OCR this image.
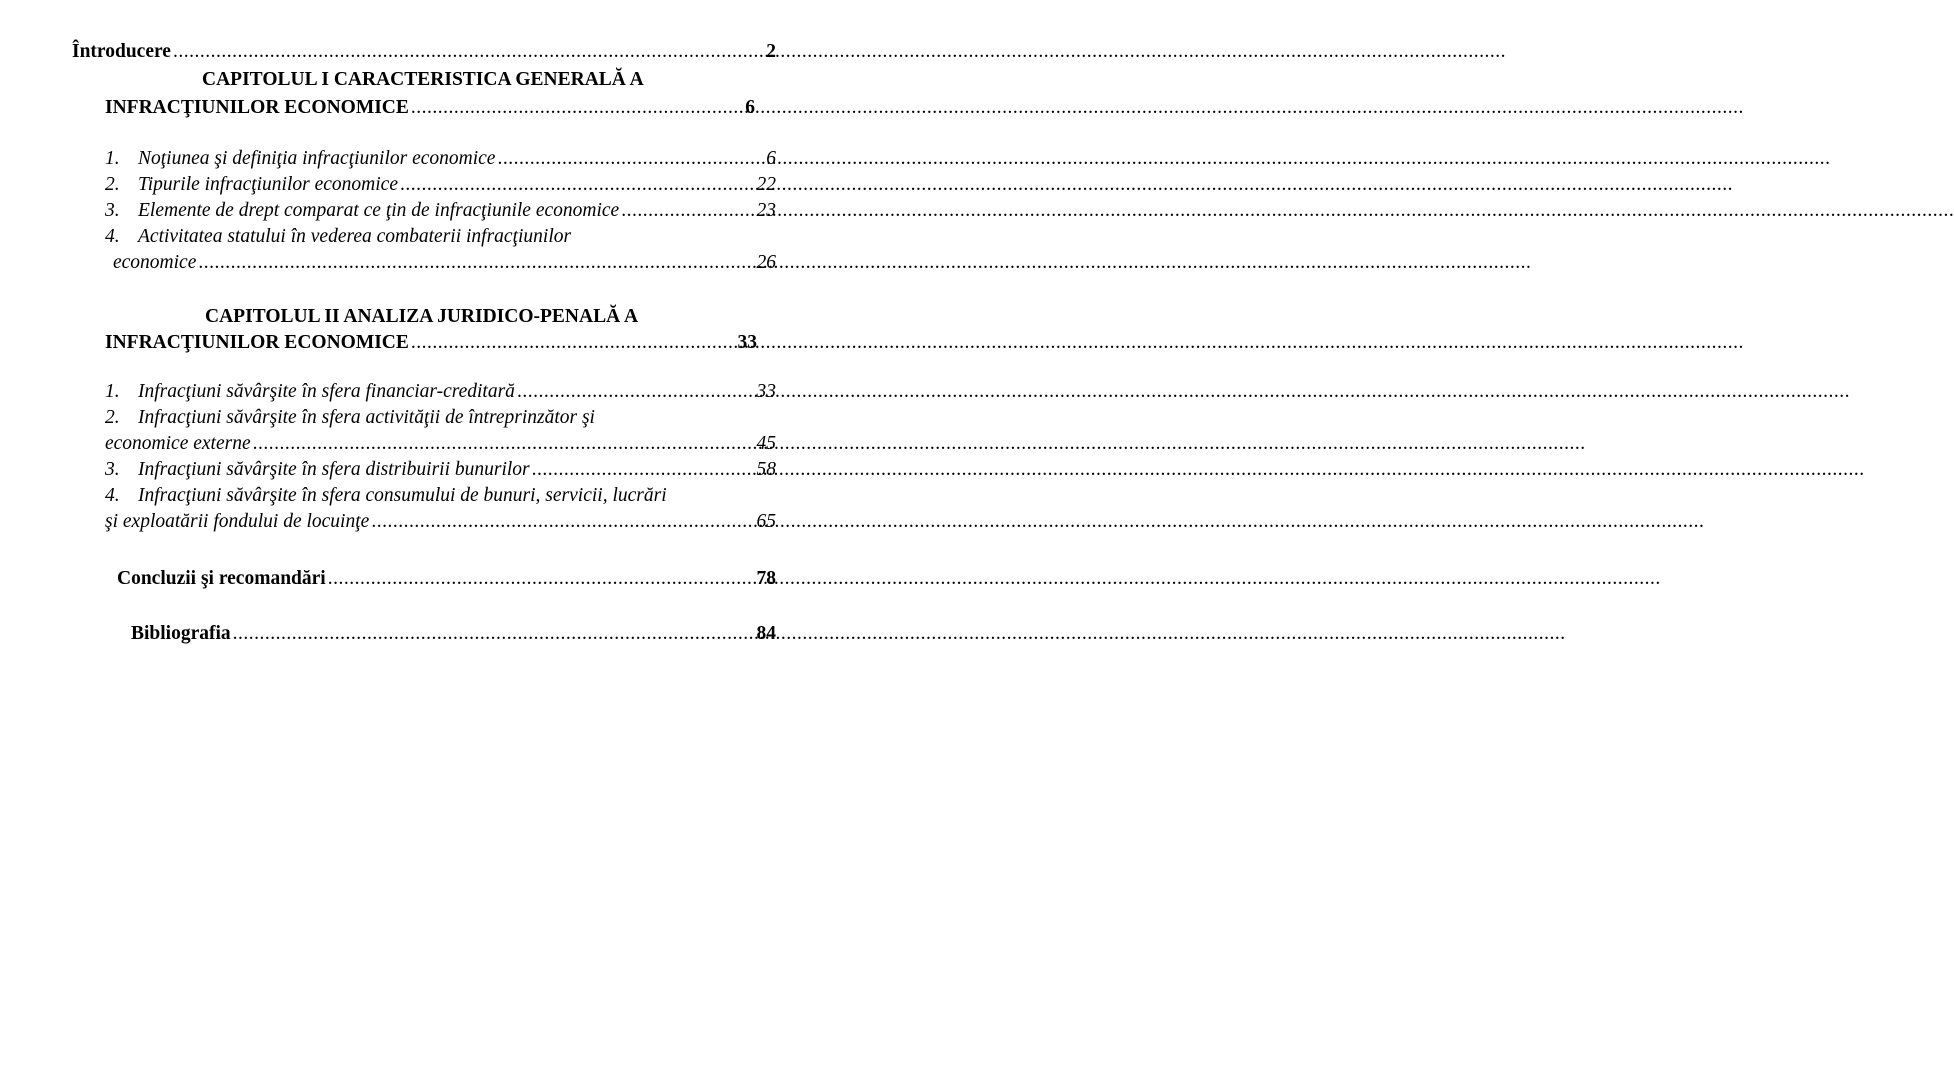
Întroducere .....	2
CAPITOLUL I CARACTERISTICA GENERALĂ A
INFRACŢIUNILOR ECONOMICE .....	6
1. Noţiunea şi definiţia infracţiunilor economice .....	6
2. Tipurile infracţiunilor economice .....	22
3. Elemente de drept comparat ce ţin de infracţiunile economice .....	23
4. Activitatea statului în vederea combaterii infracţiunilor
economice .....	26
CAPITOLUL II ANALIZA JURIDICO-PENALĂ A
INFRACŢIUNILOR ECONOMICE .....	33
1. Infracţiuni săvârşite în sfera financiar-creditară .....	33
2. Infracţiuni săvârşite în sfera activităţii de întreprinzător şi
economice externe .....	45
3. Infracţiuni săvârşite în sfera distribuirii bunurilor .....	58
4. Infracţiuni săvârşite în sfera consumului de bunuri, servicii, lucrări
şi exploatării fondului de locuinţe .....	65
Concluzii şi recomandări .....	78
Bibliografia .....	84
